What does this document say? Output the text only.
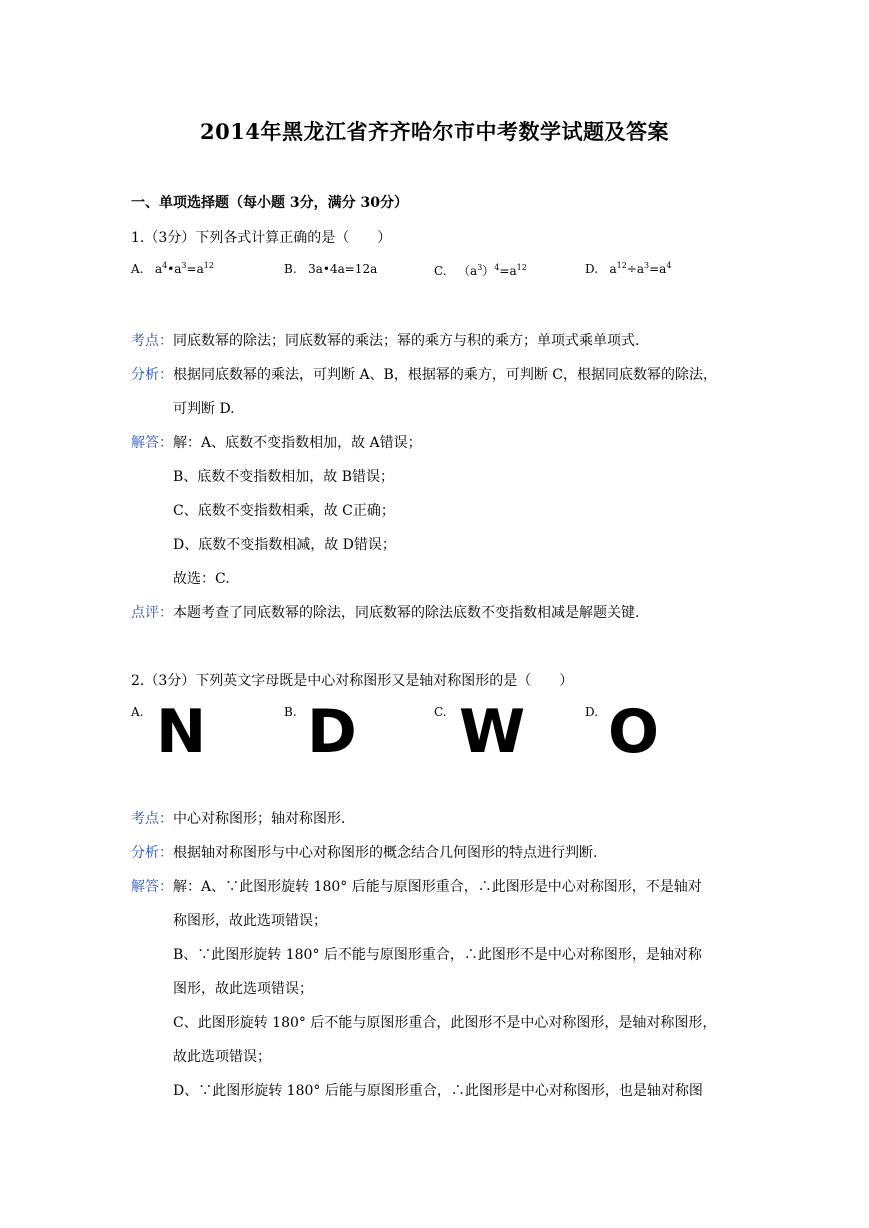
2014年黑龙江省齐齐哈尔市中考数学试题及答案
一、单项选择题（每小题 3分，满分 30分）
1.（3分）下列各式计算正确的是（　　）
A. $a^4•a^3=a^{12}$	B. 3a•4a=12a	C. $(a^3)^4=a^{12}$	D. $a^{12}\div a^3=a^4$
考点：同底数幂的除法；同底数幂的乘法；幂的乘方与积的乘方；单项式乘单项式.
分析：根据同底数幂的乘法，可判断 A、B，根据幂的乘方，可判断 C，根据同底数幂的除法，
可判断 D.
解答：解：A、底数不变指数相加，故 A错误；
B、底数不变指数相加，故 B错误；
C、底数不变指数相乘，故 C正确；
D、底数不变指数相减，故 D错误；
故选：C.
点评：本题考查了同底数幂的除法，同底数幂的除法底数不变指数相减是解题关键.
2.（3分）下列英文字母既是中心对称图形又是轴对称图形的是（　　）
A. N	B. D	C. W	D. O
考点：中心对称图形；轴对称图形.
分析：根据轴对称图形与中心对称图形的概念结合几何图形的特点进行判断.
解答：解：A、∵此图形旋转 180° 后能与原图形重合，∴此图形是中心对称图形，不是轴对
称图形，故此选项错误；
B、∵此图形旋转 180° 后不能与原图形重合，∴此图形不是中心对称图形，是轴对称
图形，故此选项错误；
C、此图形旋转 180° 后不能与原图形重合，此图形不是中心对称图形，是轴对称图形，
故此选项错误；
D、∵此图形旋转 180° 后能与原图形重合，∴此图形是中心对称图形，也是轴对称图
